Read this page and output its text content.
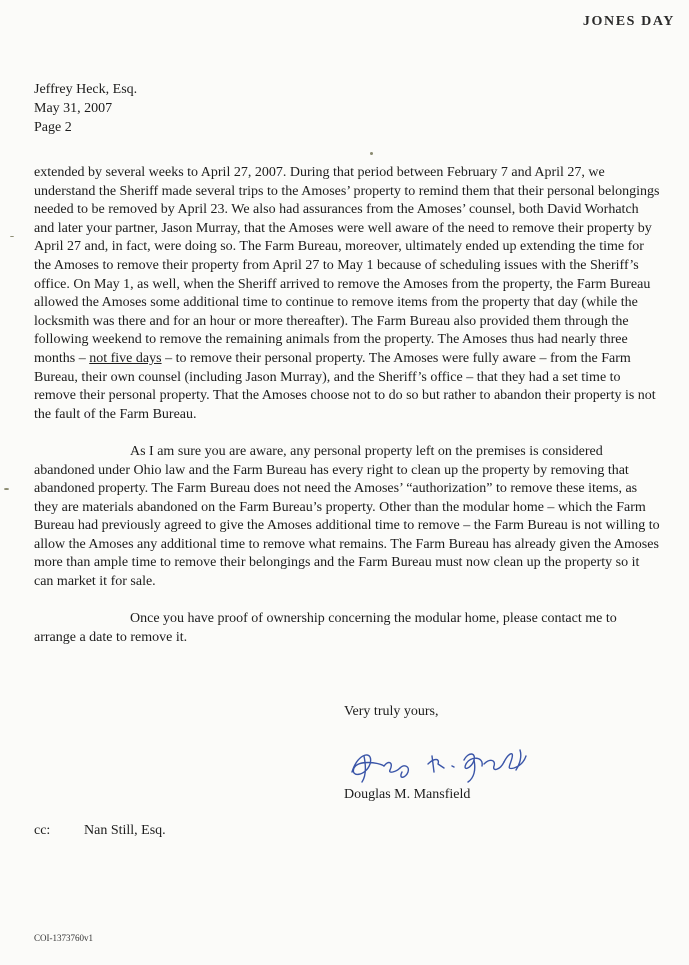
JONES DAY
Jeffrey Heck, Esq.
May 31, 2007
Page 2

extended by several weeks to April 27, 2007. During that period between February 7 and April 27, we understand the Sheriff made several trips to the Amoses’ property to remind them that their personal belongings needed to be removed by April 23. We also had assurances from the Amoses’ counsel, both David Worhatch and later your partner, Jason Murray, that the Amoses were well aware of the need to remove their property by April 27 and, in fact, were doing so. The Farm Bureau, moreover, ultimately ended up extending the time for the Amoses to remove their property from April 27 to May 1 because of scheduling issues with the Sheriff’s office. On May 1, as well, when the Sheriff arrived to remove the Amoses from the property, the Farm Bureau allowed the Amoses some additional time to continue to remove items from the property that day (while the locksmith was there and for an hour or more thereafter). The Farm Bureau also provided them through the following weekend to remove the remaining animals from the property. The Amoses thus had nearly three months – not five days – to remove their personal property. The Amoses were fully aware – from the Farm Bureau, their own counsel (including Jason Murray), and the Sheriff’s office – that they had a set time to remove their personal property. That the Amoses choose not to do so but rather to abandon their property is not the fault of the Farm Bureau.

As I am sure you are aware, any personal property left on the premises is considered abandoned under Ohio law and the Farm Bureau has every right to clean up the property by removing that abandoned property. The Farm Bureau does not need the Amoses’ “authorization” to remove these items, as they are materials abandoned on the Farm Bureau’s property. Other than the modular home – which the Farm Bureau had previously agreed to give the Amoses additional time to remove – the Farm Bureau is not willing to allow the Amoses any additional time to remove what remains. The Farm Bureau has already given the Amoses more than ample time to remove their belongings and the Farm Bureau must now clean up the property so it can market it for sale.

Once you have proof of ownership concerning the modular home, please contact me to arrange a date to remove it.

Very truly yours,
Douglas M. Mansfield
cc:	Nan Still, Esq.
COI-1373760v1
